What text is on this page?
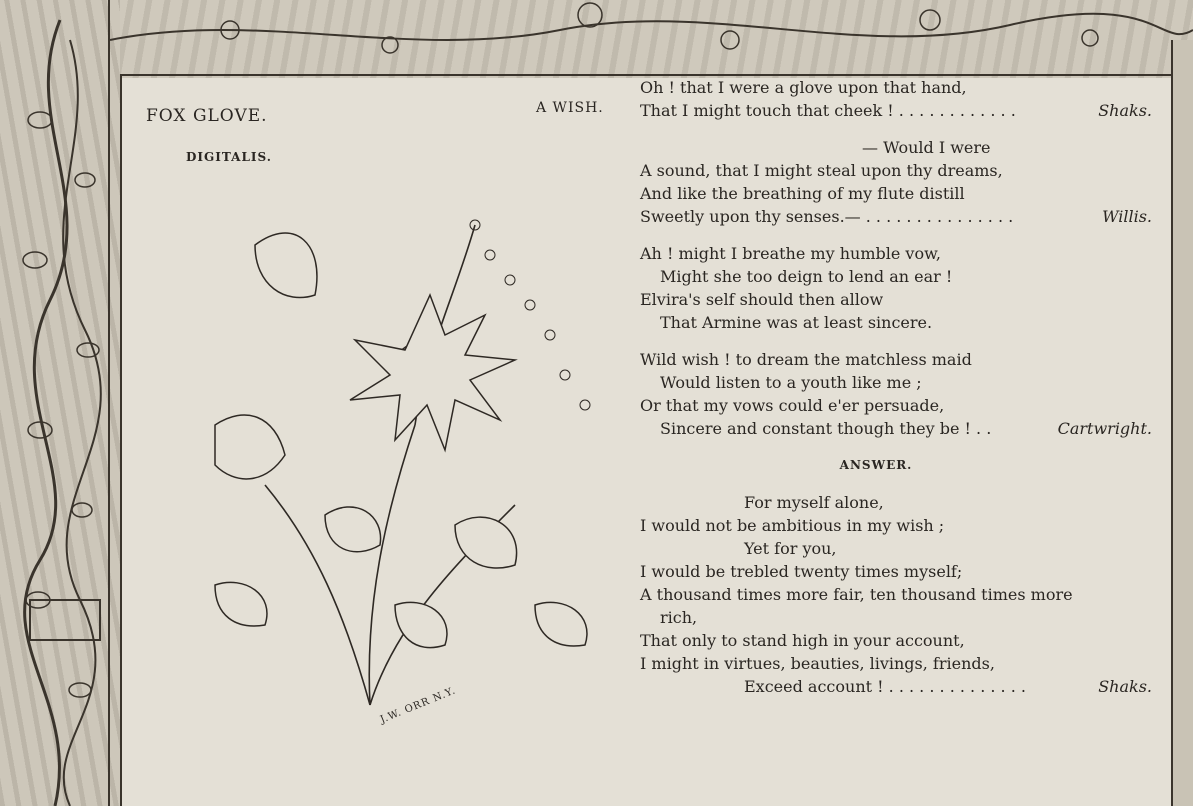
FOX GLOVE.
DIGITALIS.
A WISH.
J.W. ORR N.Y.
Oh ! that I were a glove upon that hand,
That I might touch that cheek ! . . . . . . . . . . . .	Shaks.
— Would I were
A sound, that I might steal upon thy dreams,
And like the breathing of my flute distill
Sweetly upon thy senses.— . . . . . . . . . . . . . . .	Willis.
Ah ! might I breathe my humble vow,
Might she too deign to lend an ear !
Elvira's self should then allow
That Armine was at least sincere.
Wild wish ! to dream the matchless maid
Would listen to a youth like me ;
Or that my vows could e'er persuade,
Sincere and constant though they be ! . .	Cartwright.
ANSWER.
For myself alone,
I would not be ambitious in my wish ;
Yet for you,
I would be trebled twenty times myself;
A thousand times more fair, ten thousand times more
rich,
That only to stand high in your account,
I might in virtues, beauties, livings, friends,
Exceed account ! . . . . . . . . . . . . . .	Shaks.
